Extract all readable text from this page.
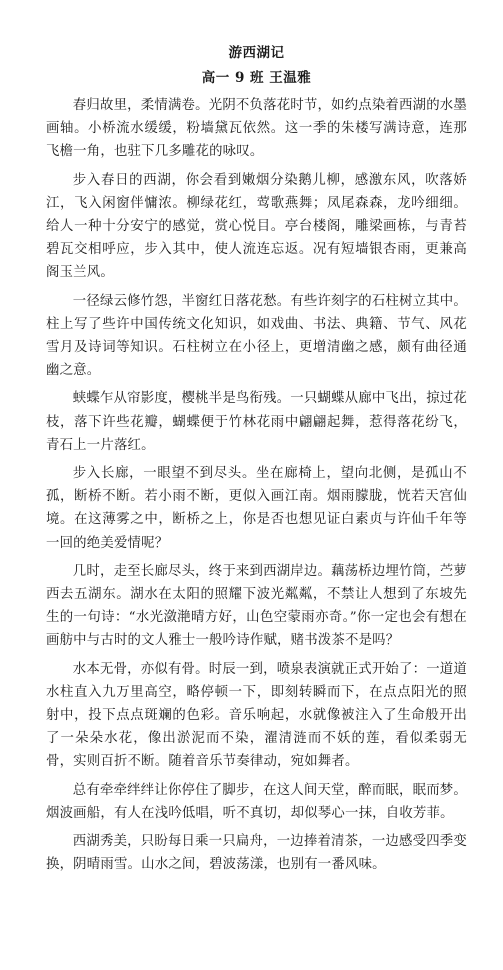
游西湖记
高一 9 班 王温雅

春归故里，柔情满卷。光阴不负落花时节，如约点染着西湖的水墨画轴。小桥流水缓缓，粉墙黛瓦依然。这一季的朱楼写满诗意，连那飞檐一角，也驻下几多雕花的咏叹。

步入春日的西湖，你会看到嫩烟分染鹅儿柳，感激东风，吹落娇江，飞入闲窗伴慵浓。柳绿花红，莺歌燕舞；凤尾森森，龙吟细细。给人一种十分安宁的感觉，赏心悦目。亭台楼阁，雕梁画栋，与青苔碧瓦交相呼应，步入其中，使人流连忘返。况有短墙银杏雨，更兼高阁玉兰风。

一径绿云修竹怨，半窗红日落花愁。有些许刻字的石柱树立其中。柱上写了些许中国传统文化知识，如戏曲、书法、典籍、节气、风花雪月及诗词等知识。石柱树立在小径上，更增清幽之感，颇有曲径通幽之意。

蛱蝶乍从帘影度，樱桃半是鸟衔残。一只蝴蝶从廊中飞出，掠过花枝，落下许些花瓣，蝴蝶便于竹林花雨中翩翩起舞，惹得落花纷飞，青石上一片落红。

步入长廊，一眼望不到尽头。坐在廊椅上，望向北侧，是孤山不孤，断桥不断。若小雨不断，更似入画江南。烟雨朦胧，恍若天宫仙境。在这薄雾之中，断桥之上，你是否也想见证白素贞与许仙千年等一回的绝美爱情呢？

几时，走至长廊尽头，终于来到西湖岸边。藕荡桥边埋竹筒，苎萝西去五湖东。湖水在太阳的照耀下波光粼粼，不禁让人想到了东坡先生的一句诗：“水光潋滟晴方好，山色空蒙雨亦奇。”你一定也会有想在画舫中与古时的文人雅士一般吟诗作赋，赌书泼茶不是吗？

水本无骨，亦似有骨。时辰一到，喷泉表演就正式开始了：一道道水柱直入九万里高空，略停顿一下，即刻转瞬而下，在点点阳光的照射中，投下点点斑斓的色彩。音乐响起，水就像被注入了生命般开出了一朵朵水花，像出淤泥而不染，濯清涟而不妖的莲，看似柔弱无骨，实则百折不断。随着音乐节奏律动，宛如舞者。

总有牵牵绊绊让你停住了脚步，在这人间天堂，醉而眠，眠而梦。烟波画船，有人在浅吟低唱，听不真切，却似琴心一抹，自收芳菲。

西湖秀美，只盼每日乘一只扁舟，一边捧着清茶，一边感受四季变换，阴晴雨雪。山水之间，碧波荡漾，也别有一番风味。
